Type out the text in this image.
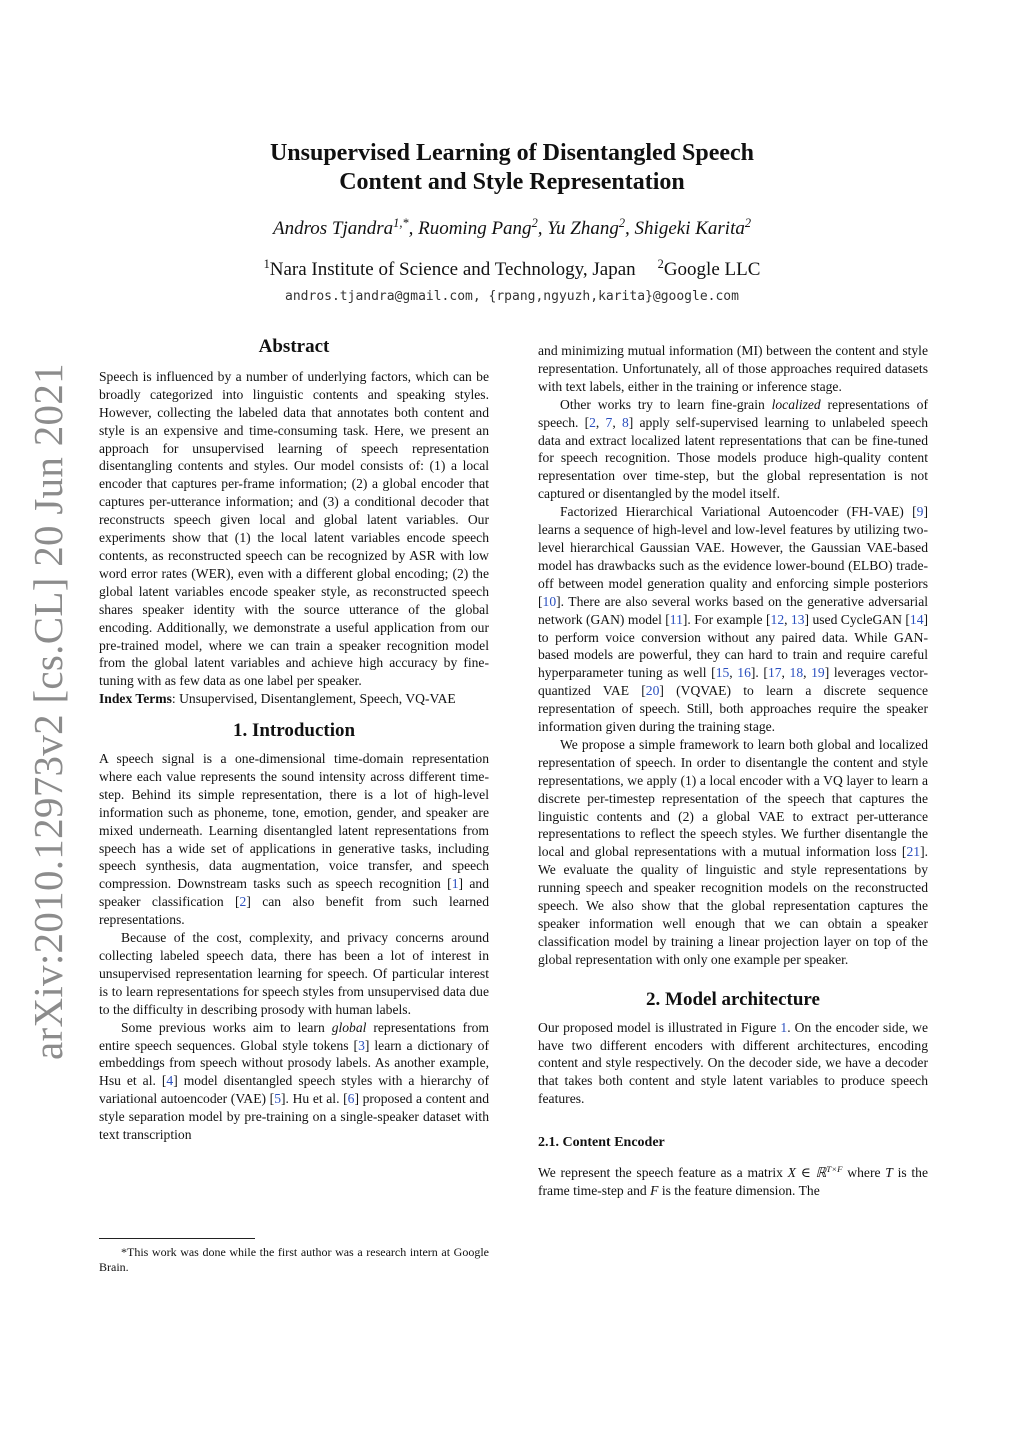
arXiv:2010.12973v2 [cs.CL] 20 Jun 2021
Unsupervised Learning of Disentangled Speech
Content and Style Representation
Andros Tjandra$^{1,*}$, Ruoming Pang$^2$, Yu Zhang$^2$, Shigeki Karita$^2$
$^1$Nara Institute of Science and Technology, Japan $^2$Google LLC
andros.tjandra@gmail.com, {rpang,ngyuzh,karita}@google.com
Abstract

Speech is influenced by a number of underlying factors, which can be broadly categorized into linguistic contents and speaking styles. However, collecting the labeled data that annotates both content and style is an expensive and time-consuming task. Here, we present an approach for unsupervised learning of speech representation disentangling contents and styles. Our model consists of: (1) a local encoder that captures per-frame information; (2) a global encoder that captures per-utterance information; and (3) a conditional decoder that reconstructs speech given local and global latent variables. Our experiments show that (1) the local latent variables encode speech contents, as reconstructed speech can be recognized by ASR with low word error rates (WER), even with a different global encoding; (2) the global latent variables encode speaker style, as reconstructed speech shares speaker identity with the source utterance of the global encoding. Additionally, we demonstrate a useful application from our pre-trained model, where we can train a speaker recognition model from the global latent variables and achieve high accuracy by fine-tuning with as few data as one label per speaker.

Index Terms: Unsupervised, Disentanglement, Speech, VQ-VAE

1. Introduction

A speech signal is a one-dimensional time-domain representation where each value represents the sound intensity across different time-step. Behind its simple representation, there is a lot of high-level information such as phoneme, tone, emotion, gender, and speaker are mixed underneath. Learning disentangled latent representations from speech has a wide set of applications in generative tasks, including speech synthesis, data augmentation, voice transfer, and speech compression. Downstream tasks such as speech recognition [1] and speaker classification [2] can also benefit from such learned representations.

Because of the cost, complexity, and privacy concerns around collecting labeled speech data, there has been a lot of interest in unsupervised representation learning for speech. Of particular interest is to learn representations for speech styles from unsupervised data due to the difficulty in describing prosody with human labels.

Some previous works aim to learn global representations from entire speech sequences. Global style tokens [3] learn a dictionary of embeddings from speech without prosody labels. As another example, Hsu et al. [4] model disentangled speech styles with a hierarchy of variational autoencoder (VAE) [5]. Hu et al. [6] proposed a content and style separation model by pre-training on a single-speaker dataset with text transcription

and minimizing mutual information (MI) between the content and style representation. Unfortunately, all of those approaches required datasets with text labels, either in the training or inference stage.

Other works try to learn fine-grain localized representations of speech. [2, 7, 8] apply self-supervised learning to unlabeled speech data and extract localized latent representations that can be fine-tuned for speech recognition. Those models produce high-quality content representation over time-step, but the global representation is not captured or disentangled by the model itself.

Factorized Hierarchical Variational Autoencoder (FH-VAE) [9] learns a sequence of high-level and low-level features by utilizing two-level hierarchical Gaussian VAE. However, the Gaussian VAE-based model has drawbacks such as the evidence lower-bound (ELBO) trade-off between model generation quality and enforcing simple posteriors [10]. There are also several works based on the generative adversarial network (GAN) model [11]. For example [12, 13] used CycleGAN [14] to perform voice conversion without any paired data. While GAN-based models are powerful, they can hard to train and require careful hyperparameter tuning as well [15, 16]. [17, 18, 19] leverages vector-quantized VAE [20] (VQVAE) to learn a discrete sequence representation of speech. Still, both approaches require the speaker information given during the training stage.

We propose a simple framework to learn both global and localized representation of speech. In order to disentangle the content and style representations, we apply (1) a local encoder with a VQ layer to learn a discrete per-timestep representation of the speech that captures the linguistic contents and (2) a global VAE to extract per-utterance representations to reflect the speech styles. We further disentangle the local and global representations with a mutual information loss [21]. We evaluate the quality of linguistic and style representations by running speech and speaker recognition models on the reconstructed speech. We also show that the global representation captures the speaker information well enough that we can obtain a speaker classification model by training a linear projection layer on top of the global representation with only one example per speaker.

2. Model architecture

Our proposed model is illustrated in Figure 1. On the encoder side, we have two different encoders with different architectures, encoding content and style respectively. On the decoder side, we have a decoder that takes both content and style latent variables to produce speech features.

2.1. Content Encoder

We represent the speech feature as a matrix X ∈ ℝ$^{T\times F}$ where T is the frame time-step and F is the feature dimension. The

*This work was done while the first author was a research intern at Google Brain.
